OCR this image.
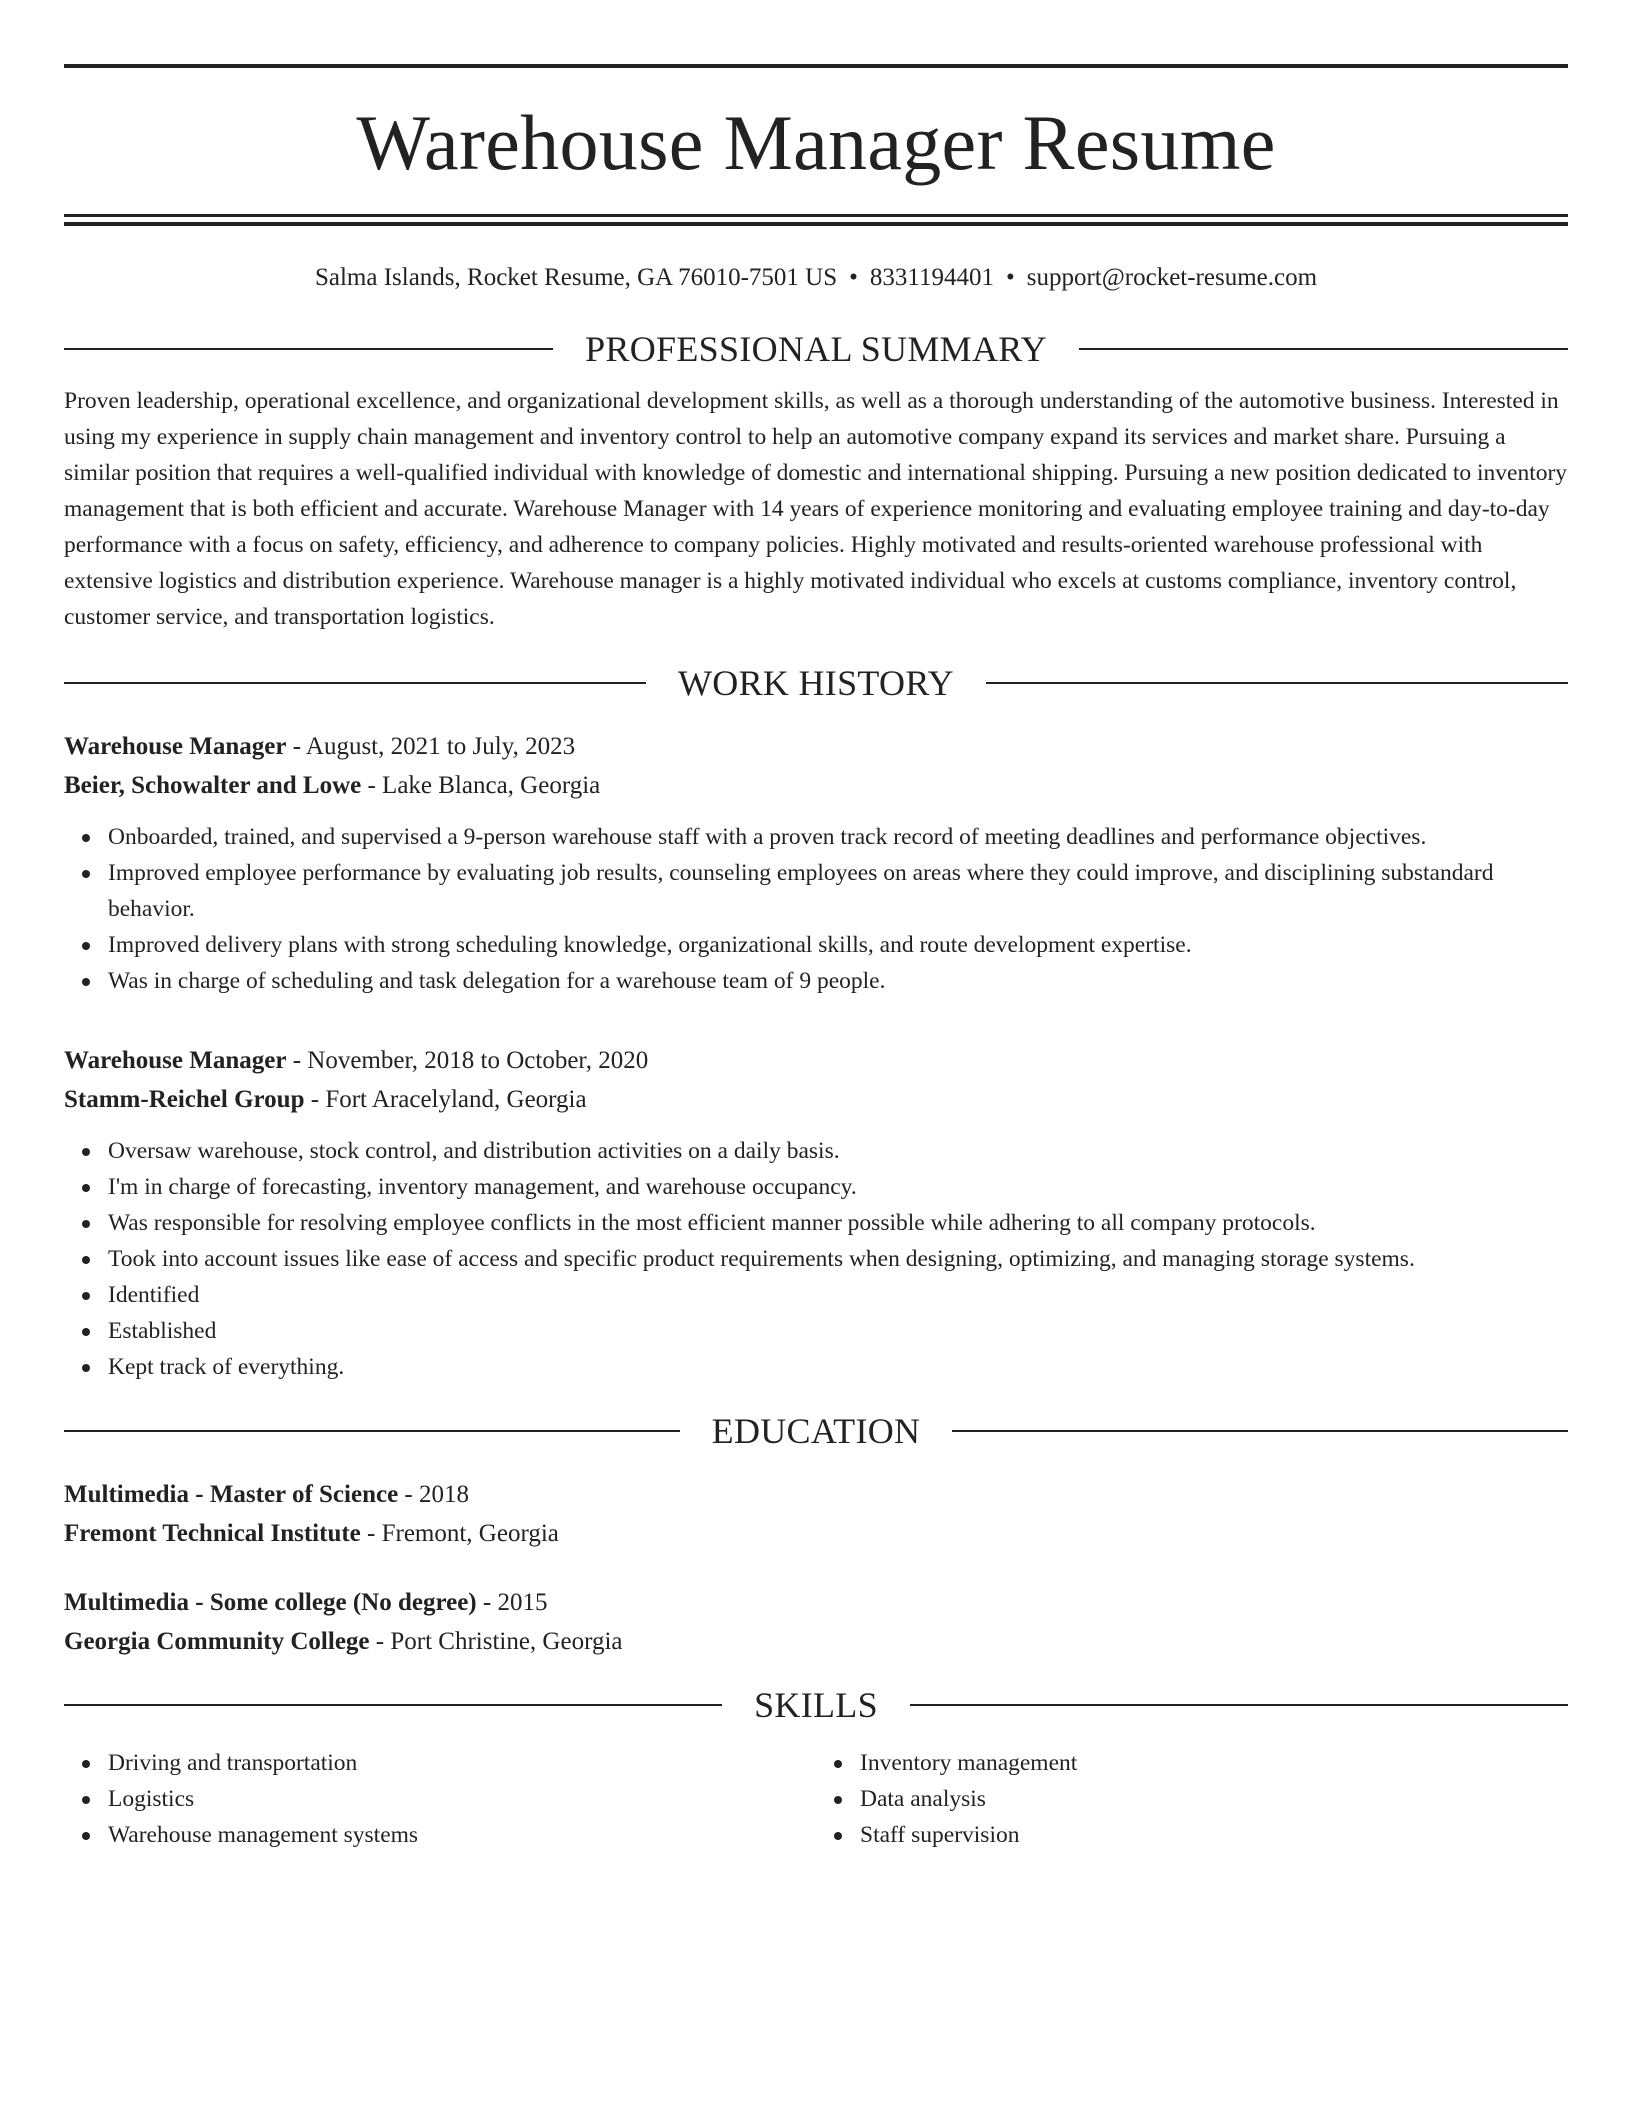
Warehouse Manager Resume
Salma Islands, Rocket Resume, GA 76010-7501 US • 8331194401 • support@rocket-resume.com
PROFESSIONAL SUMMARY

Proven leadership, operational excellence, and organizational development skills, as well as a thorough understanding of the automotive business. Interested in using my experience in supply chain management and inventory control to help an automotive company expand its services and market share. Pursuing a similar position that requires a well-qualified individual with knowledge of domestic and international shipping. Pursuing a new position dedicated to inventory management that is both efficient and accurate. Warehouse Manager with 14 years of experience monitoring and evaluating employee training and day-to-day performance with a focus on safety, efficiency, and adherence to company policies. Highly motivated and results-oriented warehouse professional with extensive logistics and distribution experience. Warehouse manager is a highly motivated individual who excels at customs compliance, inventory control, customer service, and transportation logistics.

WORK HISTORY
Warehouse Manager - August, 2021 to July, 2023
Beier, Schowalter and Lowe - Lake Blanca, Georgia
Onboarded, trained, and supervised a 9-person warehouse staff with a proven track record of meeting deadlines and performance objectives.
Improved employee performance by evaluating job results, counseling employees on areas where they could improve, and disciplining substandard behavior.
Improved delivery plans with strong scheduling knowledge, organizational skills, and route development expertise.
Was in charge of scheduling and task delegation for a warehouse team of 9 people.
Warehouse Manager - November, 2018 to October, 2020
Stamm-Reichel Group - Fort Aracelyland, Georgia
Oversaw warehouse, stock control, and distribution activities on a daily basis.
I'm in charge of forecasting, inventory management, and warehouse occupancy.
Was responsible for resolving employee conflicts in the most efficient manner possible while adhering to all company protocols.
Took into account issues like ease of access and specific product requirements when designing, optimizing, and managing storage systems.
Identified
Established
Kept track of everything.
EDUCATION
Multimedia - Master of Science - 2018
Fremont Technical Institute - Fremont, Georgia
Multimedia - Some college (No degree) - 2015
Georgia Community College - Port Christine, Georgia
SKILLS
Driving and transportation
Logistics
Warehouse management systems
Inventory management
Data analysis
Staff supervision
